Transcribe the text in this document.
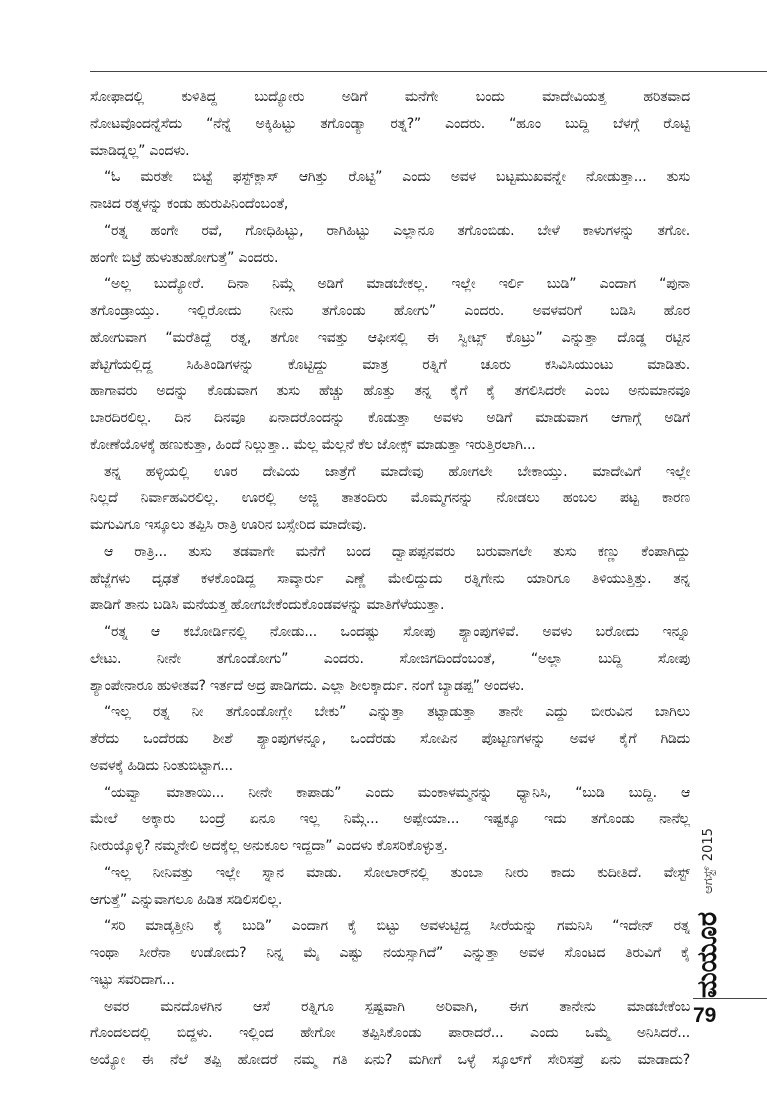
ಸೋಫಾದಲ್ಲಿ ಕುಳಿತಿದ್ದ ಬುದ್ಯೋರು ಅಡಿಗೆ ಮನೆಗೇ ಬಂದು ಮಾದೇವಿಯತ್ತ ಹರಿತವಾದ
ನೋಟವೊಂದನ್ನೆಸೆದು “ನೆನ್ನೆ ಅಕ್ಕಿಹಿಟ್ಟು ತಗೊಂಡ್ಯಾ ರತ್ನ?” ಎಂದರು. “ಹೂಂ ಬುದ್ದಿ ಬೆಳಗ್ಗೆ ರೊಟ್ಟಿ
ಮಾಡಿದ್ನಲ್ಲ” ಎಂದಳು.
“ಓ ಮರತೇ ಬಿಟ್ಟೆ ಫಸ್ಟ್‌ಕ್ಲಾಸ್ ಆಗಿತ್ತು ರೊಟ್ಟಿ” ಎಂದು ಅವಳ ಬಟ್ಟಮುಖವನ್ನೇ ನೋಡುತ್ತಾ... ತುಸು
ನಾಚಿದ ರತ್ನಳನ್ನು ಕಂಡು ಹುರುಪಿನಿಂದೆಂಬಂತೆ,
“ರತ್ನ ಹಂಗೇ ರವೆ, ಗೋಧಿಹಿಟ್ಟು, ರಾಗಿಹಿಟ್ಟು ಎಲ್ಲಾನೂ ತಗೊಂಬಿಡು. ಬೇಳೆ ಕಾಳುಗಳನ್ನು ತಗೋ.
ಹಂಗೇ ಬಿಟ್ರೆ ಹುಳುತುಹೋಗುತ್ತೆ” ಎಂದರು.
“ಅಲ್ಲ ಬುದ್ಯೋರೆ. ದಿನಾ ನಿಮ್ಗೆ ಅಡಿಗೆ ಮಾಡಬೇಕಲ್ಲ. ಇಲ್ಲೇ ಇರ್ಲಿ ಬುಡಿ” ಎಂದಾಗ “ಪುನಾ
ತಗೊಂಡ್ರಾಯ್ತು. ಇಲ್ಲಿರೋದು ನೀನು ತಗೊಂಡು ಹೋಗು” ಎಂದರು. ಅವಳವರಿಗೆ ಬಡಿಸಿ ಹೊರ
ಹೋಗುವಾಗ “ಮರೆತಿದ್ದೆ ರತ್ನ, ತಗೋ ಇವತ್ತು ಆಫೀಸಲ್ಲಿ ಈ ಸ್ವೀಟ್ಸ್ ಕೊಟ್ರು” ಎನ್ನುತ್ತಾ ದೊಡ್ಡ ರಟ್ಟಿನ
ಪೆಟ್ಟಿಗೆಯಲ್ಲಿದ್ದ ಸಿಹಿತಿಂಡಿಗಳನ್ನು ಕೊಟ್ಟಿದ್ದು ಮಾತ್ರ ರತ್ನಿಗೆ ಚೂರು ಕಸಿವಿಸಿಯುಂಟು ಮಾಡಿತು.
ಹಾಗಾವರು ಅದನ್ನು ಕೊಡುವಾಗ ತುಸು ಹೆಚ್ಚು ಹೊತ್ತು ತನ್ನ ಕೈಗೆ ಕೈ ತಗಲಿಸಿದರೇ ಎಂಬ ಅನುಮಾನವೂ
ಬಾರದಿರಲಿಲ್ಲ. ದಿನ ದಿನವೂ ಏನಾದರೊಂದನ್ನು ಕೊಡುತ್ತಾ ಅವಳು ಅಡಿಗೆ ಮಾಡುವಾಗ ಆಗಾಗ್ಗೆ ಅಡಿಗೆ
ಕೋಣೆಯೊಳಕ್ಕೆ ಹಣುಕುತ್ತಾ, ಹಿಂದೆ ನಿಲ್ಲುತ್ತಾ.. ಮೆಲ್ಲ ಮೆಲ್ಲನೆ ಕೆಲ ಜೋಕ್ಸ್ ಮಾಡುತ್ತಾ ಇರುತ್ತಿರಲಾಗಿ...
ತನ್ನ ಹಳ್ಳಿಯಲ್ಲಿ ಊರ ದೇವಿಯ ಜಾತ್ರೆಗೆ ಮಾದೇವು ಹೋಗಲೇ ಬೇಕಾಯ್ತು. ಮಾದೇವಿಗೆ ಇಲ್ಲೇ
ನಿಲ್ಲದೆ ನಿರ್ವಾಹವಿರಲಿಲ್ಲ. ಊರಲ್ಲಿ ಅಜ್ಜಿ ತಾತಂದಿರು ಮೊಮ್ಮಗನನ್ನು ನೋಡಲು ಹಂಬಲ ಪಟ್ಟ ಕಾರಣ
ಮಗುವಿಗೂ ಇಸ್ಕೂಲು ತಪ್ಪಿಸಿ ರಾತ್ರಿ ಊರಿನ ಬಸ್ಸೇರಿದ ಮಾದೇವು.
ಆ ರಾತ್ರಿ... ತುಸು ತಡವಾಗೇ ಮನೆಗೆ ಬಂದ ದ್ವಾಪಪ್ಪನವರು ಬರುವಾಗಲೇ ತುಸು ಕಣ್ಣು ಕೆಂಪಾಗಿದ್ದು
ಹೆಜ್ಜೆಗಳು ದೃಢತೆ ಕಳಕೊಂಡಿದ್ದ ಸಾವ್ಕಾರ್ರು ಎಣ್ಣೆ ಮೇಲಿದ್ದುದು ರತ್ನಿಗೇನು ಯಾರಿಗೂ ತಿಳಿಯುತ್ತಿತ್ತು. ತನ್ನ
ಪಾಡಿಗೆ ತಾನು ಬಡಿಸಿ ಮನೆಯತ್ತ ಹೋಗಬೇಕೆಂದುಕೊಂಡವಳನ್ನು ಮಾತಿಗೆಳೆಯುತ್ತಾ.
“ರತ್ನ ಆ ಕಬೋರ್ಡಿನಲ್ಲಿ ನೋಡು... ಒಂದಷ್ಟು ಸೋಪು ಶ್ಯಾಂಪುಗಳಿವೆ. ಅವಳು ಬರೋದು ಇನ್ನೂ
ಲೇಟು. ನೀನೇ ತಗೊಂಡೋಗು” ಎಂದರು. ಸೋಜಿಗದಿಂದೆಂಬಂತೆ, “ಅಲ್ಲಾ ಬುದ್ದಿ ಸೋಪು
ಶ್ಯಾಂಪೇನಾರೂ ಹುಳೀತವ? ಇರ್ತದೆ ಅದ್ರ ಪಾಡಿಗದು. ಎಲ್ಲಾ ಶೀಲಕ್ಕಾರ್ದು. ನಂಗೆ ಬ್ಯಾಡಪ್ಪ” ಅಂದಳು.
“ಇಲ್ಲ ರತ್ನ ನೀ ತಗೊಂಡೋಗ್ಲೇ ಬೇಕು” ಎನ್ನುತ್ತಾ ತಟ್ಟಾಡುತ್ತಾ ತಾನೇ ಎದ್ದು ಬೀರುವಿನ ಬಾಗಿಲು
ತೆರೆದು ಒಂದೆರಡು ಶೀಶೆ ಶ್ಯಾಂಪುಗಳನ್ನೂ, ಒಂದೆರಡು ಸೋಪಿನ ಪೊಟ್ಟಣಗಳನ್ನು ಅವಳ ಕೈಗೆ ಗಿಡಿದು
ಅವಳಕ್ಕೆ ಹಿಡಿದು ನಿಂತುಬಿಟ್ಟಾಗ...
“ಯವ್ವಾ ಮಾತಾಯಿ... ನೀನೇ ಕಾಪಾಡು” ಎಂದು ಮಂಕಾಳಮ್ಮನನ್ನು ಧ್ಯಾನಿಸಿ, “ಬುಡಿ ಬುದ್ದಿ. ಆ
ಮೇಲೆ ಅಕ್ಕಾರು ಬಂದ್ರೆ ಏನೂ ಇಲ್ಲ ನಿಮ್ಗೆ... ಅಪ್ಪೇಯಾ... ಇಷ್ಟಕ್ಕೂ ಇದು ತಗೊಂಡು ನಾನೆಲ್ಲ
ನೀರುಯ್ಕೊಳ್ಳಿ? ನಮ್ಮನೇಲಿ ಅದಕ್ಕೆಲ್ಲ ಅನುಕೂಲ ಇದ್ದದಾ” ಎಂದಳು ಕೊಸರಿಕೊಳ್ಳುತ್ತ.
“ಇಲ್ಲ ನೀನಿವತ್ತು ಇಲ್ಲೇ ಸ್ನಾನ ಮಾಡು. ಸೋಲಾರ್‌ನಲ್ಲಿ ತುಂಬಾ ನೀರು ಕಾದು ಕುದೀತಿದೆ. ವೇಸ್ಟ್
ಆಗುತ್ತೆ” ಎನ್ನುವಾಗಲೂ ಹಿಡಿತ ಸಡಿಲಿಸಲಿಲ್ಲ.
“ಸರಿ ಮಾಡ್ಕತ್ತೀನಿ ಕೈ ಬುಡಿ” ಎಂದಾಗ ಕೈ ಬಿಟ್ಟು ಅವಳುಟ್ಟಿದ್ದ ಸೀರೆಯನ್ನು ಗಮನಿಸಿ “ಇದೇನ್ ರತ್ನ
ಇಂಥಾ ಸೀರೆನಾ ಉಡೋದು? ನಿನ್ನ ಮೈ ಎಷ್ಟು ನಯಸ್ಸಾಗಿದೆ” ಎನ್ನುತ್ತಾ ಅವಳ ಸೊಂಟದ ತಿರುವಿಗೆ ಕೈ
ಇಟ್ಟು ಸವರಿದಾಗ...
ಅವರ ಮನದೊಳಗಿನ ಆಸೆ ರತ್ನಿಗೂ ಸ್ಪಷ್ಟವಾಗಿ ಅರಿವಾಗಿ, ಈಗ ತಾನೇನು ಮಾಡಬೇಕೆಂಬ
ಗೊಂದಲದಲ್ಲಿ ಬಿದ್ದಳು. ಇಲ್ಲಿಂದ ಹೇಗೋ ತಪ್ಪಿಸಿಕೊಂಡು ಪಾರಾದರೆ... ಎಂದು ಒಮ್ಮೆ ಅನಿಸಿದರೆ...
ಅಯ್ಯೋ ಈ ನೆಲೆ ತಪ್ಪಿ ಹೋದರೆ ನಮ್ಮ ಗತಿ ಏನು? ಮಗೀಗೆ ಒಳ್ಳೆ ಸ್ಕೂಲ್‌ಗೆ ಸೇರಿಸಪ್ರೆ ಏನು ಮಾಡಾದು?
ಮಯೂರ
ಆಗಸ್ಟ್
2015
79
